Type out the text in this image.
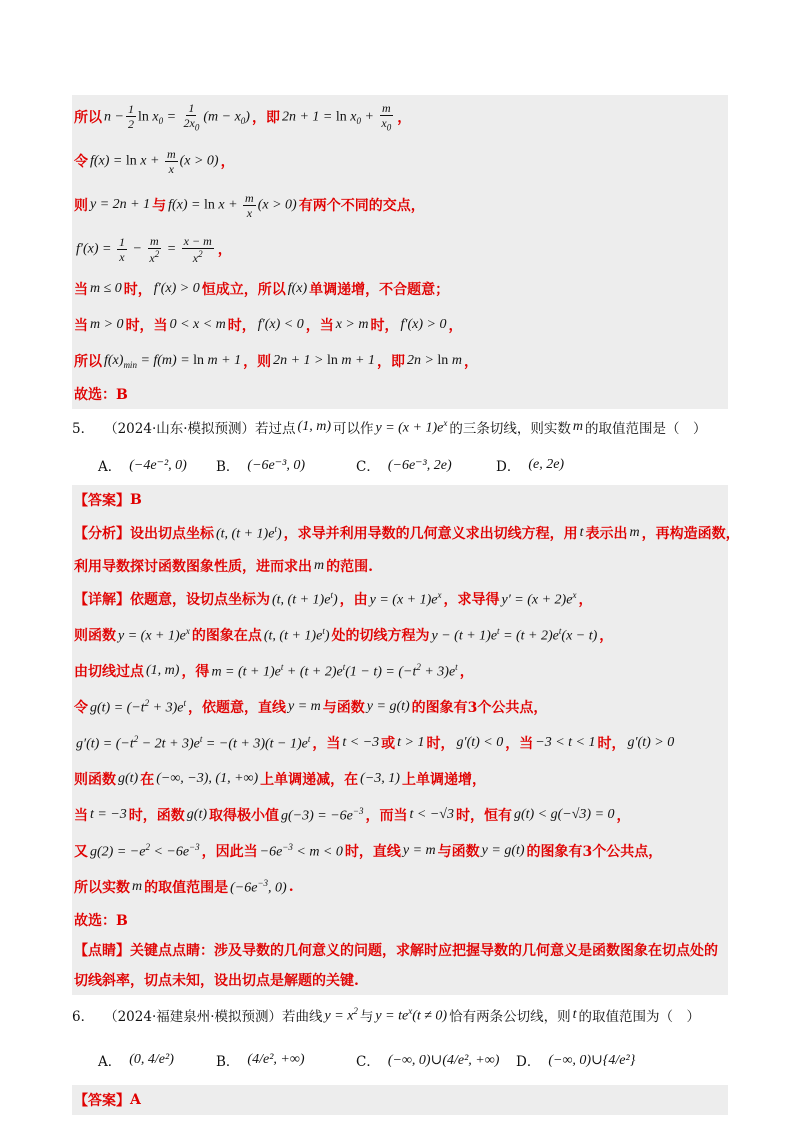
所以 $n - \frac{1}{2}$ $\ln x_0 = \frac{1}{2x_0} (m - x_0)$ ，即 $2n + 1 = \ln x_0 + \frac{m}{x_0}$ ，
令 $f(x) = \ln x + \frac{m}{x} (x > 0)$ ，
则 y = 2n + 1 与 $f(x) = \ln x + \frac{m}{x} (x > 0)$ 有两个不同的交点，
$f'(x) = \frac{1}{x} - \frac{m}{x^2} = \frac{x - m}{x^2}$ ，
当 m ≤ 0 时， f′(x) > 0 恒成立，所以 f(x) 单调递增，不合题意；
当 m > 0 时，当 0 < x < m 时， f′(x) < 0 ，当 x > m 时， f′(x) > 0 ，
所以 $f(x)_{min} = f(m) = \ln m + 1$ ，则 2n + 1 > ln m + 1 ，即 2n > ln m ，
故选：B
5． （2024·山东·模拟预测） 若过点 (1, m) 可以作 $y = (x + 1)e^x$ 的三条切线，则实数 m 的取值范围是（　）
A． (−4e⁻², 0) B． (−6e⁻³, 0)	C． (−6e⁻³, 2e)	D． (e, 2e)
【答案】 B
【分析】 设出切点坐标 (t, $(t + 1)e^t$) ，求导并利用导数的几何意义求出切线方程，用 t 表示出 m ，再构造函数，
利用导数探讨函数图象性质，进而求出 m 的范围.
【详解】 依题意，设切点坐标为 (t, $(t + 1)e^t$) ，由 $y = (x + 1)e^x$ ，求导得 $y' = (x + 2)e^x$ ，
则函数 $y = (x + 1)e^x$ 的图象在点 (t, $(t + 1)e^t$) 处的切线方程为 $y - (t + 1)e^t = (t + 2)e^t(x - t)$ ，
由切线过点 (1, m) ，得 $m = (t + 1)e^t + (t + 2)e^t(1 - t) = (-t^2 + 3)e^t$ ，
令 $g(t) = (-t^2 + 3)e^t$ ，依题意，直线 y = m 与函数 y = g(t) 的图象有3个公共点，
$g'(t) = (-t^2 - 2t + 3)e^t = -(t + 3)(t - 1)e^t$ ，当 t < −3 或 t > 1 时， g′(t) < 0 ，当 −3 < t < 1 时， g′(t) > 0
则函数 g(t) 在 (−∞, −3), (1, +∞) 上单调递减，在 (−3, 1) 上单调递增，
当 t = −3 时，函数 g(t) 取得极小值 $g(-3) = -6e^{-3}$ ，而当 t < −√3 时，恒有 g(t) < g(−√3) = 0 ，
又 $g(2) = -e^2 < -6e^{-3}$ ，因此当 $-6e^{-3} < m < 0$ 时，直线 y = m 与函数 y = g(t) 的图象有3个公共点，
所以实数 m 的取值范围是 ($-6e^{-3}$, 0) .
故选：B
【点睛】 关键点点睛：涉及导数的几何意义的问题，求解时应把握导数的几何意义是函数图象在切点处的
切线斜率，切点未知，设出切点是解题的关键.
6． （2024·福建泉州·模拟预测） 若曲线 $y = x^2$ 与 $y = te^x(t \ne 0)$ 恰有两条公切线，则 t 的取值范围为（　）
A． (0, 4/e²)	B． (4/e², +∞)	C． (−∞, 0)∪(4/e², +∞) D． (−∞, 0)∪{4/e²}
【答案】 A
